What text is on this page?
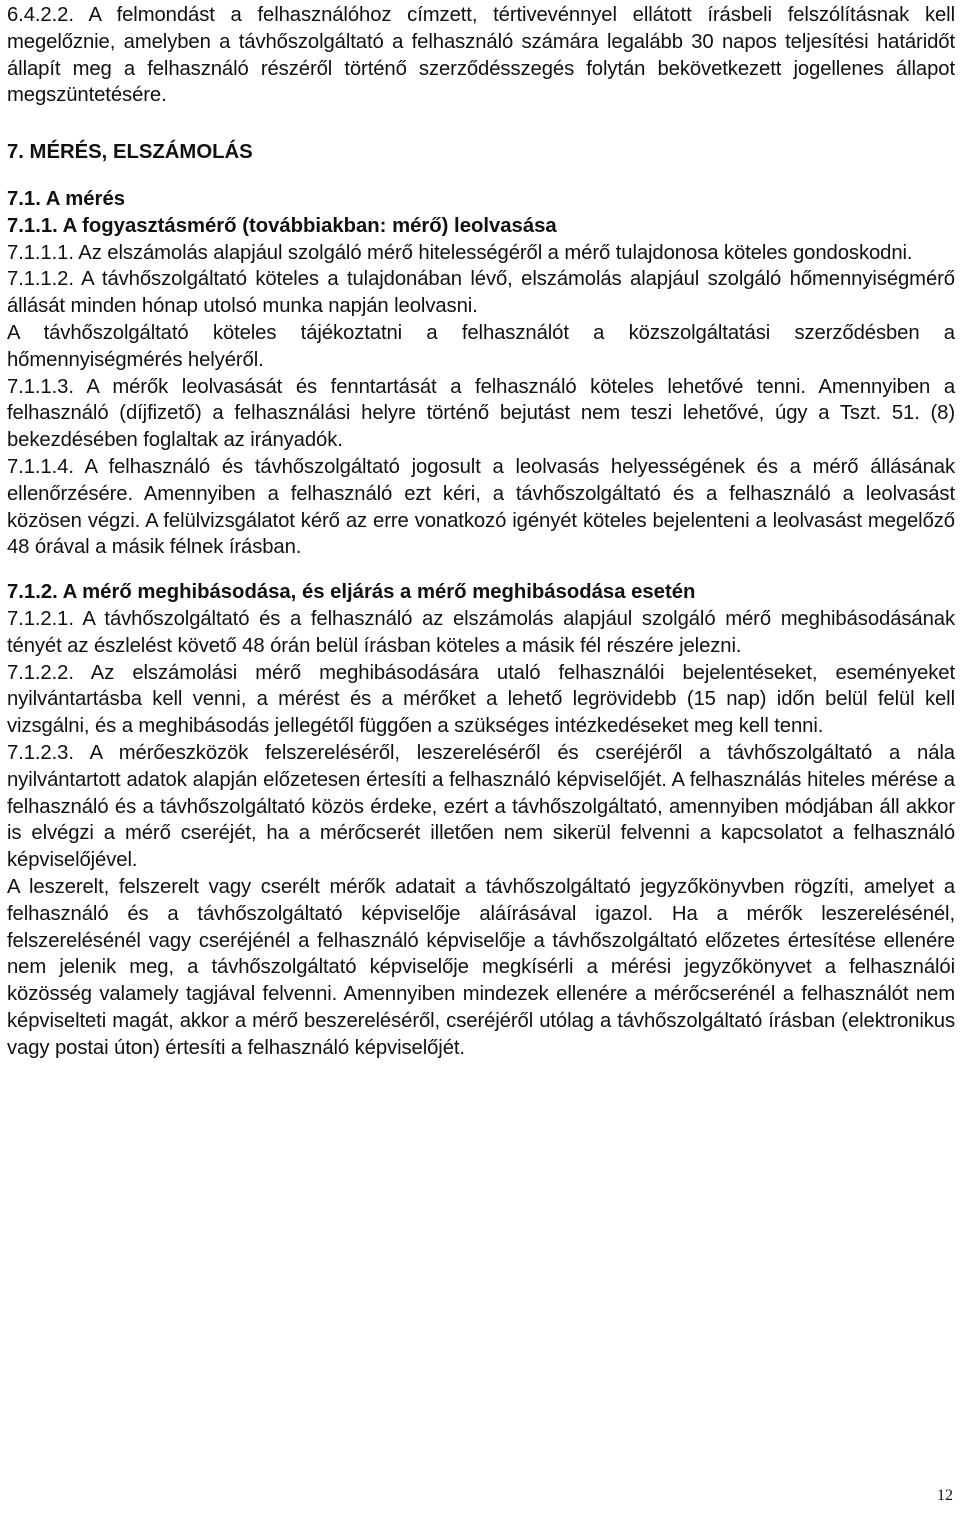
6.4.2.2. A felmondást a felhasználóhoz címzett, tértivevénnyel ellátott írásbeli felszólításnak kell megelőznie, amelyben a távhőszolgáltató a felhasználó számára legalább 30 napos teljesítési határidőt állapít meg a felhasználó részéről történő szerződésszegés folytán bekövetkezett jogellenes állapot megszüntetésére.

7. MÉRÉS, ELSZÁMOLÁS

7.1. A mérés

7.1.1. A fogyasztásmérő (továbbiakban: mérő) leolvasása

7.1.1.1. Az elszámolás alapjául szolgáló mérő hitelességéről a mérő tulajdonosa köteles gondoskodni.

7.1.1.2. A távhőszolgáltató köteles a tulajdonában lévő, elszámolás alapjául szolgáló hőmennyiségmérő állását minden hónap utolsó munka napján leolvasni.

A távhőszolgáltató köteles tájékoztatni a felhasználót a közszolgáltatási szerződésben a hőmennyiségmérés helyéről.

7.1.1.3. A mérők leolvasását és fenntartását a felhasználó köteles lehetővé tenni. Amennyiben a felhasználó (díjfizető) a felhasználási helyre történő bejutást nem teszi lehetővé, úgy a Tszt. 51. (8) bekezdésében foglaltak az irányadók.

7.1.1.4. A felhasználó és távhőszolgáltató jogosult a leolvasás helyességének és a mérő állásának ellenőrzésére. Amennyiben a felhasználó ezt kéri, a távhőszolgáltató és a felhasználó a leolvasást közösen végzi. A felülvizsgálatot kérő az erre vonatkozó igényét köteles bejelenteni a leolvasást megelőző 48 órával a másik félnek írásban.

7.1.2. A mérő meghibásodása, és eljárás a mérő meghibásodása esetén

7.1.2.1. A távhőszolgáltató és a felhasználó az elszámolás alapjául szolgáló mérő meghibásodásának tényét az észlelést követő 48 órán belül írásban köteles a másik fél részére jelezni.

7.1.2.2. Az elszámolási mérő meghibásodására utaló felhasználói bejelentéseket, eseményeket nyilvántartásba kell venni, a mérést és a mérőket a lehető legrövidebb (15 nap) időn belül felül kell vizsgálni, és a meghibásodás jellegétől függően a szükséges intézkedéseket meg kell tenni.

7.1.2.3. A mérőeszközök felszereléséről, leszereléséről és cseréjéről a távhőszolgáltató a nála nyilvántartott adatok alapján előzetesen értesíti a felhasználó képviselőjét. A felhasználás hiteles mérése a felhasználó és a távhőszolgáltató közös érdeke, ezért a távhőszolgáltató, amennyiben módjában áll akkor is elvégzi a mérő cseréjét, ha a mérőcserét illetően nem sikerül felvenni a kapcsolatot a felhasználó képviselőjével.

A leszerelt, felszerelt vagy cserélt mérők adatait a távhőszolgáltató jegyzőkönyvben rögzíti, amelyet a felhasználó és a távhőszolgáltató képviselője aláírásával igazol. Ha a mérők leszerelésénél, felszerelésénél vagy cseréjénél a felhasználó képviselője a távhőszolgáltató előzetes értesítése ellenére nem jelenik meg, a távhőszolgáltató képviselője megkísérli a mérési jegyzőkönyvet a felhasználói közösség valamely tagjával felvenni. Amennyiben mindezek ellenére a mérőcserénél a felhasználót nem képviselteti magát, akkor a mérő beszereléséről, cseréjéről utólag a távhőszolgáltató írásban (elektronikus vagy postai úton) értesíti a felhasználó képviselőjét.

12
